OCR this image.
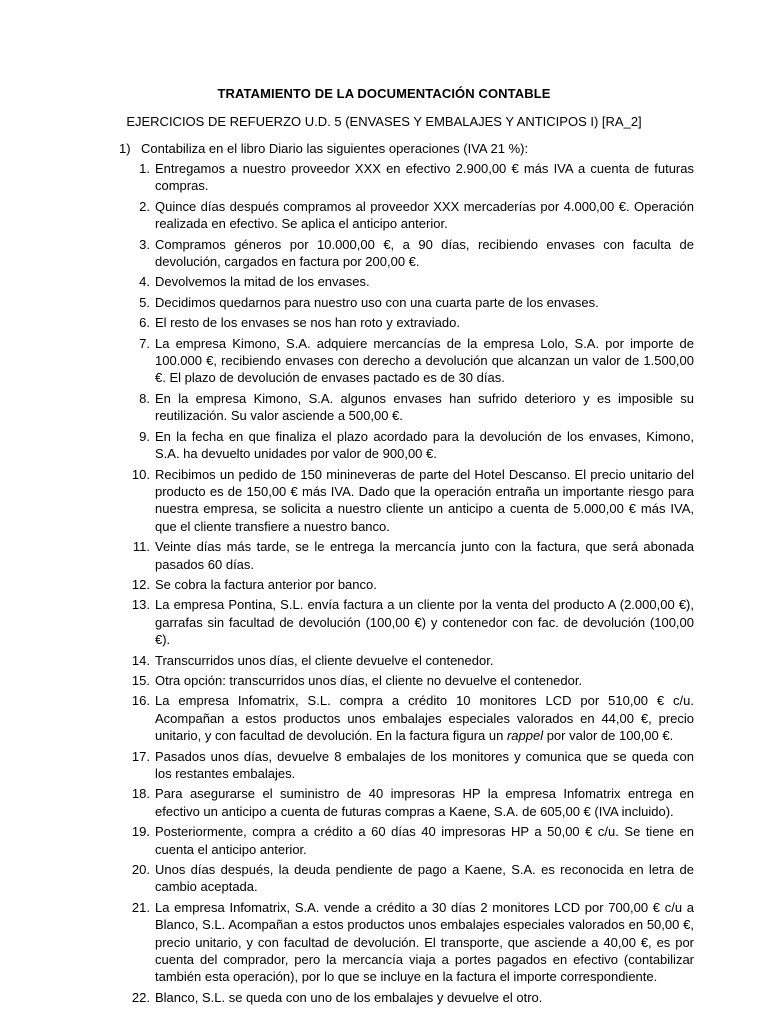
TRATAMIENTO DE LA DOCUMENTACIÓN CONTABLE
EJERCICIOS DE REFUERZO U.D. 5 (ENVASES Y EMBALAJES Y ANTICIPOS I) [RA_2]
1) Contabiliza en el libro Diario las siguientes operaciones (IVA 21 %):
1. Entregamos a nuestro proveedor XXX en efectivo 2.900,00 € más IVA a cuenta de futuras compras.
2. Quince días después compramos al proveedor XXX mercaderías por 4.000,00 €. Operación realizada en efectivo. Se aplica el anticipo anterior.
3. Compramos géneros por 10.000,00 €, a 90 días, recibiendo envases con faculta de devolución, cargados en factura por 200,00 €.
4. Devolvemos la mitad de los envases.
5. Decidimos quedarnos para nuestro uso con una cuarta parte de los envases.
6. El resto de los envases se nos han roto y extraviado.
7. La empresa Kimono, S.A. adquiere mercancías de la empresa Lolo, S.A. por importe de 100.000 €, recibiendo envases con derecho a devolución que alcanzan un valor de 1.500,00 €. El plazo de devolución de envases pactado es de 30 días.
8. En la empresa Kimono, S.A. algunos envases han sufrido deterioro y es imposible su reutilización. Su valor asciende a 500,00 €.
9. En la fecha en que finaliza el plazo acordado para la devolución de los envases, Kimono, S.A. ha devuelto unidades por valor de 900,00 €.
10. Recibimos un pedido de 150 minineveras de parte del Hotel Descanso. El precio unitario del producto es de 150,00 € más IVA. Dado que la operación entraña un importante riesgo para nuestra empresa, se solicita a nuestro cliente un anticipo a cuenta de 5.000,00 € más IVA, que el cliente transfiere a nuestro banco.
11. Veinte días más tarde, se le entrega la mercancía junto con la factura, que será abonada pasados 60 días.
12. Se cobra la factura anterior por banco.
13. La empresa Pontina, S.L. envía factura a un cliente por la venta del producto A (2.000,00 €), garrafas sin facultad de devolución (100,00 €) y contenedor con fac. de devolución (100,00 €).
14. Transcurridos unos días, el cliente devuelve el contenedor.
15. Otra opción: transcurridos unos días, el cliente no devuelve el contenedor.
16. La empresa Infomatrix, S.L. compra a crédito 10 monitores LCD por 510,00 € c/u. Acompañan a estos productos unos embalajes especiales valorados en 44,00 €, precio unitario, y con facultad de devolución. En la factura figura un rappel por valor de 100,00 €.
17. Pasados unos días, devuelve 8 embalajes de los monitores y comunica que se queda con los restantes embalajes.
18. Para asegurarse el suministro de 40 impresoras HP la empresa Infomatrix entrega en efectivo un anticipo a cuenta de futuras compras a Kaene, S.A. de 605,00 € (IVA incluido).
19. Posteriormente, compra a crédito a 60 días 40 impresoras HP a 50,00 € c/u. Se tiene en cuenta el anticipo anterior.
20. Unos días después, la deuda pendiente de pago a Kaene, S.A. es reconocida en letra de cambio aceptada.
21. La empresa Infomatrix, S.A. vende a crédito a 30 días 2 monitores LCD por 700,00 € c/u a Blanco, S.L. Acompañan a estos productos unos embalajes especiales valorados en 50,00 €, precio unitario, y con facultad de devolución. El transporte, que asciende a 40,00 €, es por cuenta del comprador, pero la mercancía viaja a portes pagados en efectivo (contabilizar también esta operación), por lo que se incluye en la factura el importe correspondiente.
22. Blanco, S.L. se queda con uno de los embalajes y devuelve el otro.
